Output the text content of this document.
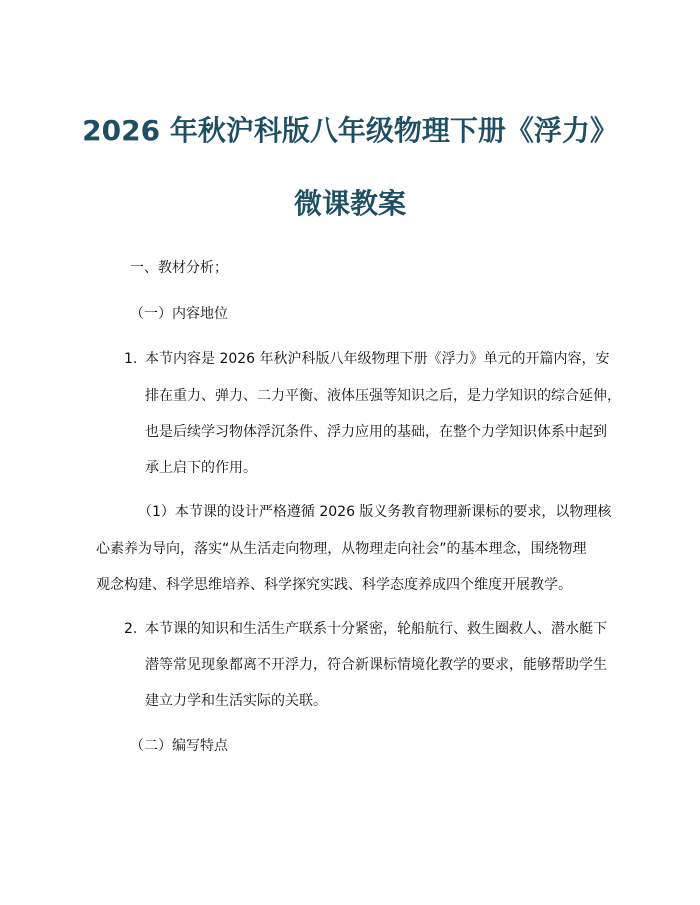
2026 年秋沪科版八年级物理下册《浮力》
微课教案
一、教材分析；
（一）内容地位
1. 本节内容是 2026 年秋沪科版八年级物理下册《浮力》单元的开篇内容，安
排在重力、弹力、二力平衡、液体压强等知识之后，是力学知识的综合延伸，
也是后续学习物体浮沉条件、浮力应用的基础，在整个力学知识体系中起到
承上启下的作用。
（1）本节课的设计严格遵循 2026 版义务教育物理新课标的要求，以物理核
心素养为导向，落实“从生活走向物理，从物理走向社会”的基本理念，围绕物理
观念构建、科学思维培养、科学探究实践、科学态度养成四个维度开展教学。
2. 本节课的知识和生活生产联系十分紧密，轮船航行、救生圈救人、潜水艇下
潜等常见现象都离不开浮力，符合新课标情境化教学的要求，能够帮助学生
建立力学和生活实际的关联。
（二）编写特点
